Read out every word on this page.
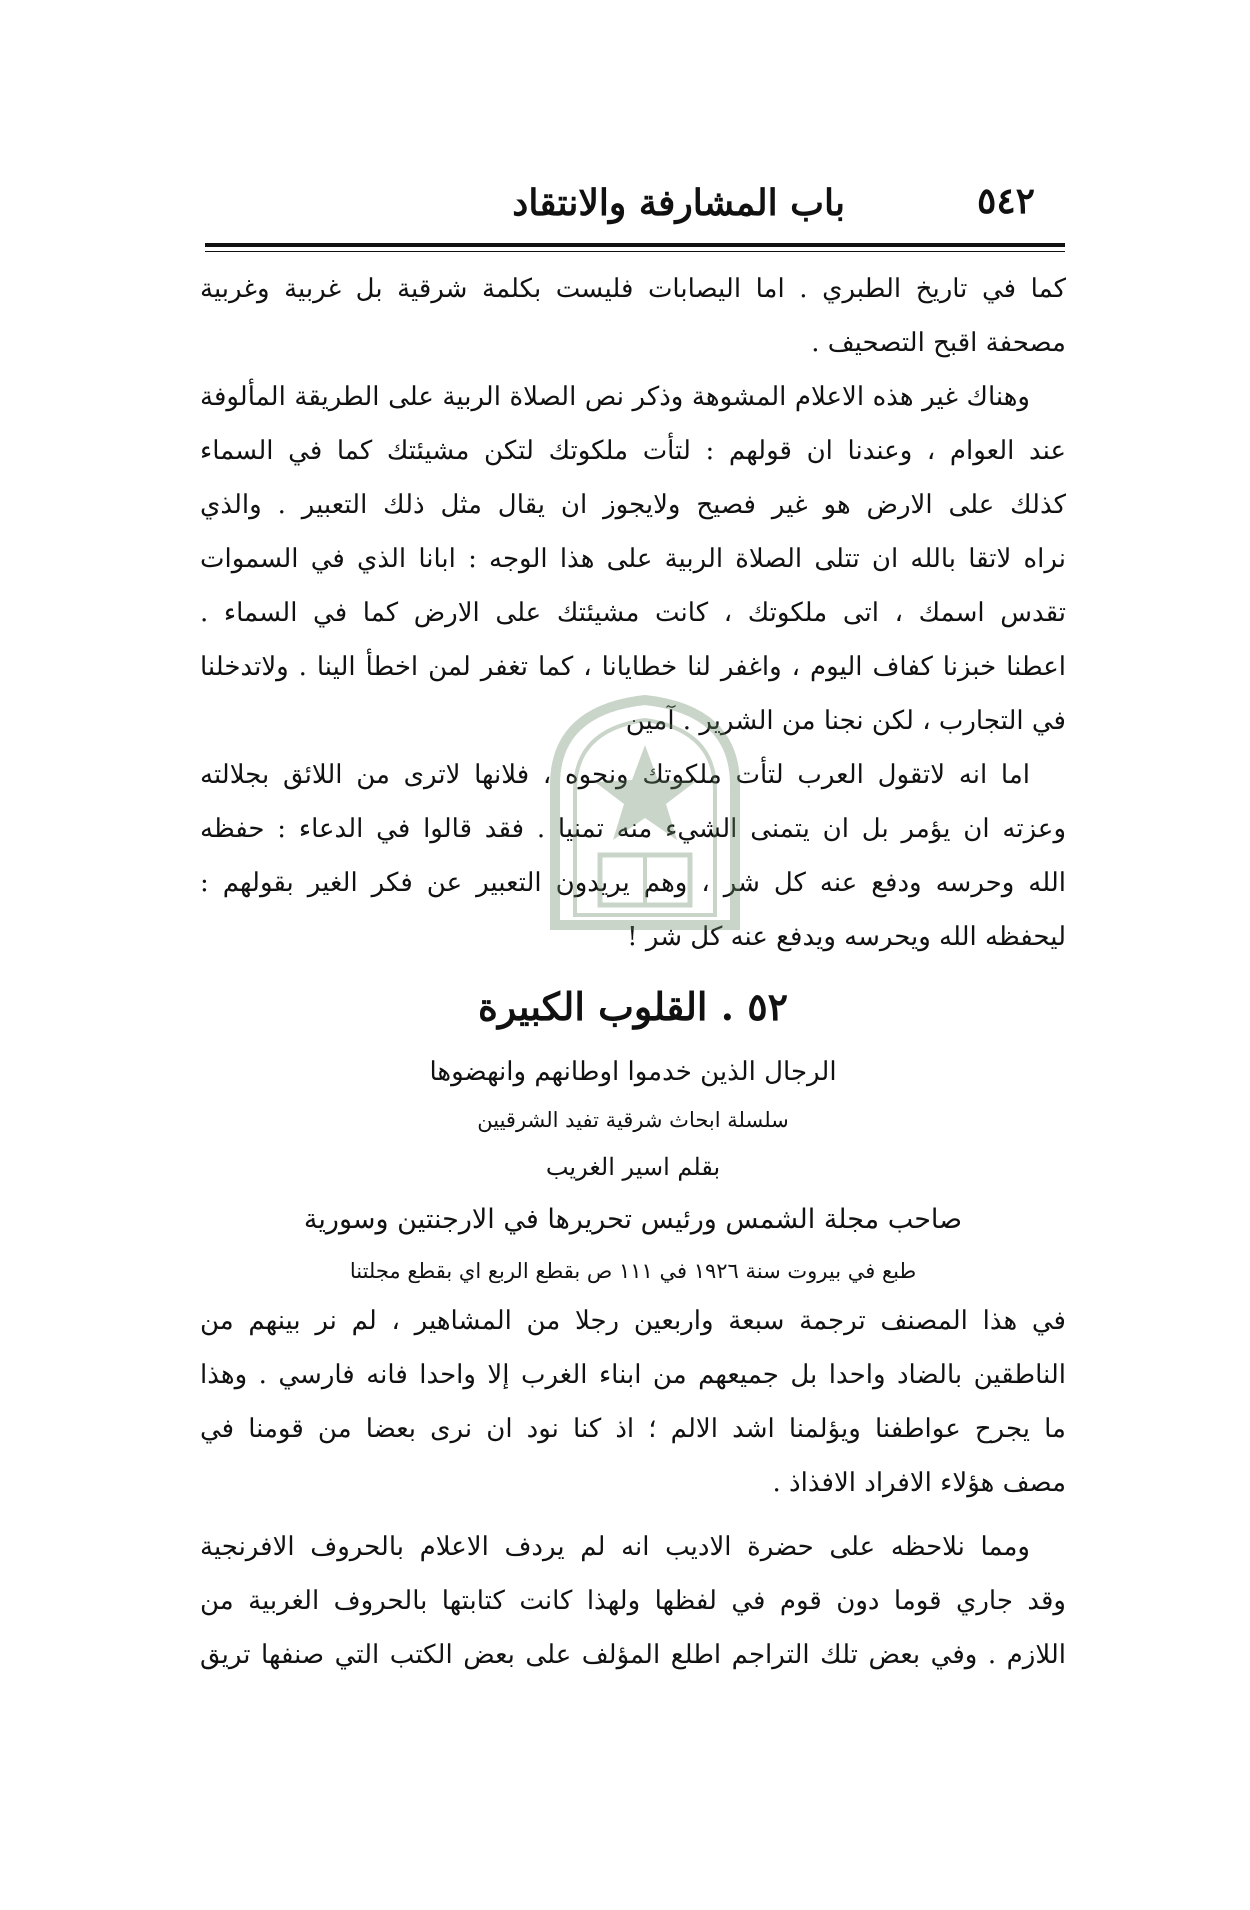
٥٤٢
باب المشارفة والانتقاد
كما في تاريخ الطبري . اما اليصابات فليست بكلمة شرقية بل غربية وغربية
مصحفة اقبح التصحيف .
وهناك غير هذه الاعلام المشوهة وذكر نص الصلاة الربية على الطريقة المألوفة
عند العوام ، وعندنا ان قولهم : لتأت ملكوتك لتكن مشيئتك كما في السماء
كذلك على الارض هو غير فصيح ولايجوز ان يقال مثل ذلك التعبير . والذي
نراه لاتقا بالله ان تتلى الصلاة الربية على هذا الوجه : ابانا الذي في السموات
تقدس اسمك ، اتى ملكوتك ، كانت مشيئتك على الارض كما في السماء .
اعطنا خبزنا كفاف اليوم ، واغفر لنا خطايانا ، كما تغفر لمن اخطأ الينا . ولاتدخلنا
في التجارب ، لكن نجنا من الشرير . آمين
اما انه لاتقول العرب لتأت ملكوتك ونحوه ، فلانها لاترى من اللائق بجلالته
وعزته ان يؤمر بل ان يتمنى الشيء منه تمنيا . فقد قالوا في الدعاء : حفظه
الله وحرسه ودفع عنه كل شر ، وهم يريدون التعبير عن فكر الغير بقولهم :
ليحفظه الله ويحرسه ويدفع عنه كل شر !
٥٢ . القلوب الكبيرة
الرجال الذين خدموا اوطانهم وانهضوها
سلسلة ابحاث شرقية تفيد الشرقيين
بقلم اسير الغريب
صاحب مجلة الشمس ورئيس تحريرها في الارجنتين وسورية
طبع في بيروت سنة ١٩٢٦ في ١١١ ص بقطع الربع اي بقطع مجلتنا
في هذا المصنف ترجمة سبعة واربعين رجلا من المشاهير ، لم نر بينهم من
الناطقين بالضاد واحدا بل جميعهم من ابناء الغرب إلا واحدا فانه فارسي . وهذا
ما يجرح عواطفنا ويؤلمنا اشد الالم ؛ اذ كنا نود ان نرى بعضا من قومنا في
مصف هؤلاء الافراد الافذاذ .
ومما نلاحظه على حضرة الاديب انه لم يردف الاعلام بالحروف الافرنجية
وقد جاري قوما دون قوم في لفظها ولهذا كانت كتابتها بالحروف الغربية من
اللازم . وفي بعض تلك التراجم اطلع المؤلف على بعض الكتب التي صنفها تريق
